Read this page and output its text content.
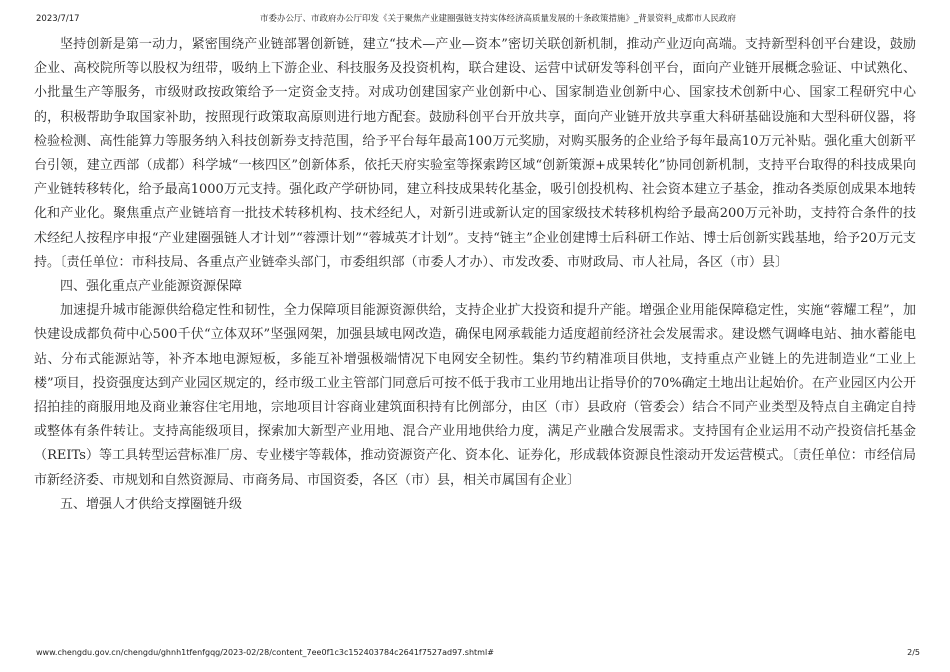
2023/7/17	市委办公厅、市政府办公厅印发《关于聚焦产业建圈强链支持实体经济高质量发展的十条政策措施》_背景资料_成都市人民政府

坚持创新是第一动力，紧密围绕产业链部署创新链，建立“技术—产业—资本”密切关联创新机制，推动产业迈向高端。支持新型科创平台建设，鼓励企业、高校院所等以股权为纽带，吸纳上下游企业、科技服务及投资机构，联合建设、运营中试研发等科创平台，面向产业链开展概念验证、中试熟化、小批量生产等服务，市级财政按政策给予一定资金支持。对成功创建国家产业创新中心、国家制造业创新中心、国家技术创新中心、国家工程研究中心的，积极帮助争取国家补助，按照现行政策取高原则进行地方配套。鼓励科创平台开放共享，面向产业链开放共享重大科研基础设施和大型科研仪器，将检验检测、高性能算力等服务纳入科技创新券支持范围，给予平台每年最高100万元奖励，对购买服务的企业给予每年最高10万元补贴。强化重大创新平台引领，建立西部（成都）科学城“一核四区”创新体系，依托天府实验室等探索跨区域“创新策源+成果转化”协同创新机制，支持平台取得的科技成果向产业链转移转化，给予最高1000万元支持。强化政产学研协同，建立科技成果转化基金，吸引创投机构、社会资本建立子基金，推动各类原创成果本地转化和产业化。聚焦重点产业链培育一批技术转移机构、技术经纪人，对新引进或新认定的国家级技术转移机构给予最高200万元补助，支持符合条件的技术经纪人按程序申报“产业建圈强链人才计划”“蓉漂计划”“蓉城英才计划”。支持“链主”企业创建博士后科研工作站、博士后创新实践基地，给予20万元支持。〔责任单位：市科技局、各重点产业链牵头部门，市委组织部（市委人才办）、市发改委、市财政局、市人社局，各区（市）县〕

四、强化重点产业能源资源保障

加速提升城市能源供给稳定性和韧性，全力保障项目能源资源供给，支持企业扩大投资和提升产能。增强企业用能保障稳定性，实施“蓉耀工程”，加快建设成都负荷中心500千伏“立体双环”坚强网架，加强县域电网改造，确保电网承载能力适度超前经济社会发展需求。建设燃气调峰电站、抽水蓄能电站、分布式能源站等，补齐本地电源短板，多能互补增强极端情况下电网安全韧性。集约节约精准项目供地，支持重点产业链上的先进制造业“工业上楼”项目，投资强度达到产业园区规定的，经市级工业主管部门同意后可按不低于我市工业用地出让指导价的70%确定土地出让起始价。在产业园区内公开招拍挂的商服用地及商业兼容住宅用地，宗地项目计容商业建筑面积持有比例部分，由区（市）县政府（管委会）结合不同产业类型及特点自主确定自持或整体有条件转让。支持高能级项目，探索加大新型产业用地、混合产业用地供给力度，满足产业融合发展需求。支持国有企业运用不动产投资信托基金（REITs）等工具转型运营标准厂房、专业楼宇等载体，推动资源资产化、资本化、证券化，形成载体资源良性滚动开发运营模式。〔责任单位：市经信局市新经济委、市规划和自然资源局、市商务局、市国资委，各区（市）县，相关市属国有企业〕

五、增强人才供给支撑圈链升级

www.chengdu.gov.cn/chengdu/ghnh1tfenfgqg/2023-02/28/content_7ee0f1c3c152403784c2641f7527ad97.shtml#	2/5
